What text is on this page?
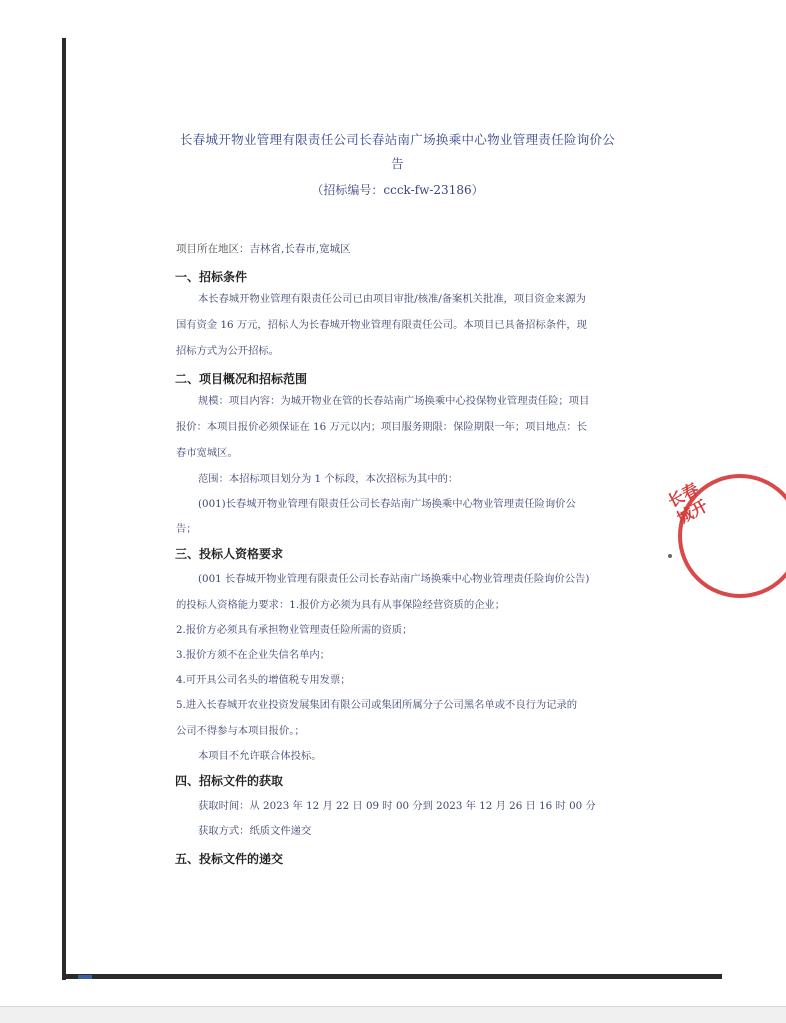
长春城开物业管理有限责任公司长春站南广场换乘中心物业管理责任险询价公
告
（招标编号：ccck-fw-23186）
项目所在地区：吉林省,长春市,宽城区
一、招标条件
本长春城开物业管理有限责任公司已由项目审批/核准/备案机关批准，项目资金来源为
国有资金 16 万元，招标人为长春城开物业管理有限责任公司。本项目已具备招标条件，现
招标方式为公开招标。
二、项目概况和招标范围
规模：项目内容：为城开物业在管的长春站南广场换乘中心投保物业管理责任险；项目
报价：本项目报价必须保证在 16 万元以内；项目服务期限：保险期限一年；项目地点：长
春市宽城区。
范围：本招标项目划分为 1 个标段，本次招标为其中的：
(001)长春城开物业管理有限责任公司长春站南广场换乘中心物业管理责任险询价公
告；
三、投标人资格要求
(001 长春城开物业管理有限责任公司长春站南广场换乘中心物业管理责任险询价公告)
的投标人资格能力要求：1.报价方必须为具有从事保险经营资质的企业；
2.报价方必须具有承担物业管理责任险所需的资质；
3.报价方须不在企业失信名单内；
4.可开具公司名头的增值税专用发票；
5.进入长春城开农业投资发展集团有限公司或集团所属分子公司黑名单或不良行为记录的
公司不得参与本项目报价。；
本项目不允许联合体投标。
四、招标文件的获取
获取时间：从 2023 年 12 月 22 日 09 时 00 分到 2023 年 12 月 26 日 16 时 00 分
获取方式：纸质文件递交
五、投标文件的递交
长春城开
